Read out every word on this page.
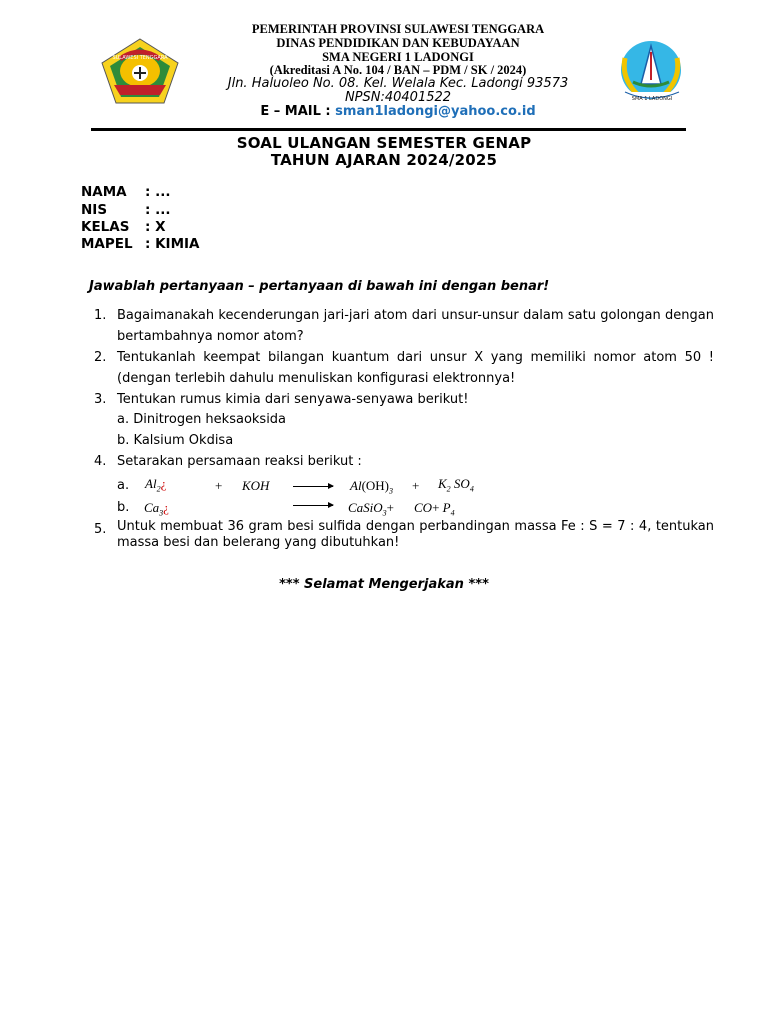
SULAWESI TENGGARA
SMA 1 LADONGI
PEMERINTAH PROVINSI SULAWESI TENGGARA
DINAS PENDIDIKAN DAN KEBUDAYAAN
SMA NEGERI 1 LADONGI
(Akreditasi A No. 104 / BAN – PDM / SK / 2024)
Jln. Haluoleo No. 08. Kel. Welala Kec. Ladongi 93573
NPSN:40401522
E – MAIL : sman1ladongi@yahoo.co.id
SOAL ULANGAN SEMESTER GENAP
TAHUN AJARAN 2024/2025
NAMA : ...
NIS	: ...
KELAS : X
MAPEL : KIMIA
Jawablah pertanyaan – pertanyaan di bawah ini dengan benar!
1. Bagaimanakah kecenderungan jari-jari atom dari unsur-unsur dalam satu golongan dengan bertambahnya nomor atom?
2. Tentukanlah keempat bilangan kuantum dari unsur X yang memiliki nomor atom 50 ! (dengan terlebih dahulu menuliskan konfigurasi elektronnya!
3. Tentukan rumus kimia dari senyawa-senyawa berikut!
a. Dinitrogen heksaoksida
b. Kalsium Okdisa
4. Setarakan persamaan reaksi berikut :
a. $Al_2¿$	+ KOH → $Al(OH)_3 + K_2$ $SO_4$
b. $Ca_3¿$	→ CaSiO$_3$+ $CO+ P_4$
5. Untuk membuat 36 gram besi sulfida dengan perbandingan massa Fe : S = 7 : 4, tentukan massa besi dan belerang yang dibutuhkan!
*** Selamat Mengerjakan ***
